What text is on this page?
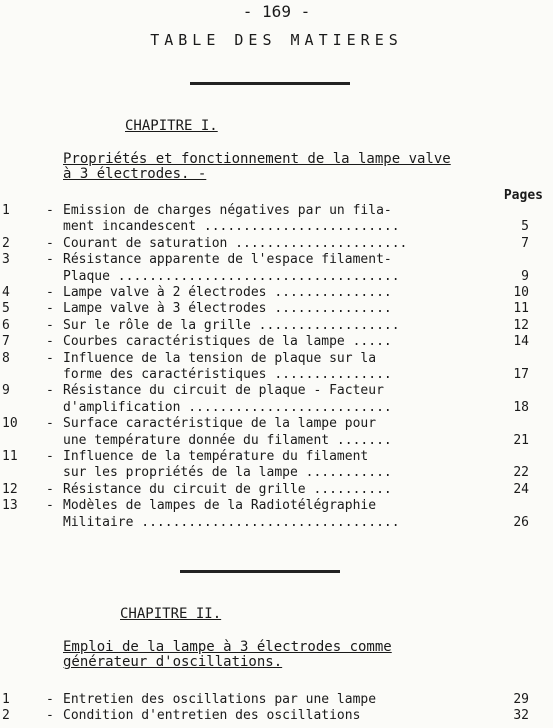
- 169 -
TABLE DES MATIERES
CHAPITRE I.
Propriétés et fonctionnement de la lampe valve
à 3 électrodes. -
Pages
1	- Emission de charges négatives par un fila-
ment incandescent .........................	5
2	- Courant de saturation ......................	7
3	- Résistance apparente de l'espace filament-
Plaque ....................................	9
4	- Lampe valve à 2 électrodes ...............	10
5	- Lampe valve à 3 électrodes ...............	11
6	- Sur le rôle de la grille ..................	12
7	- Courbes caractéristiques de la lampe .....	14
8	- Influence de la tension de plaque sur la
forme des caractéristiques ...............	17
9	- Résistance du circuit de plaque - Facteur
d'amplification ..........................	18
10	- Surface caractéristique de la lampe pour
une température donnée du filament .......	21
11	- Influence de la température du filament
sur les propriétés de la lampe ...........	22
12	- Résistance du circuit de grille ..........	24
13	- Modèles de lampes de la Radiotélégraphie
Militaire .................................	26
CHAPITRE II.
Emploi de la lampe à 3 électrodes comme
générateur d'oscillations.
1	- Entretien des oscillations par une lampe	29
2	- Condition d'entretien des oscillations	32
